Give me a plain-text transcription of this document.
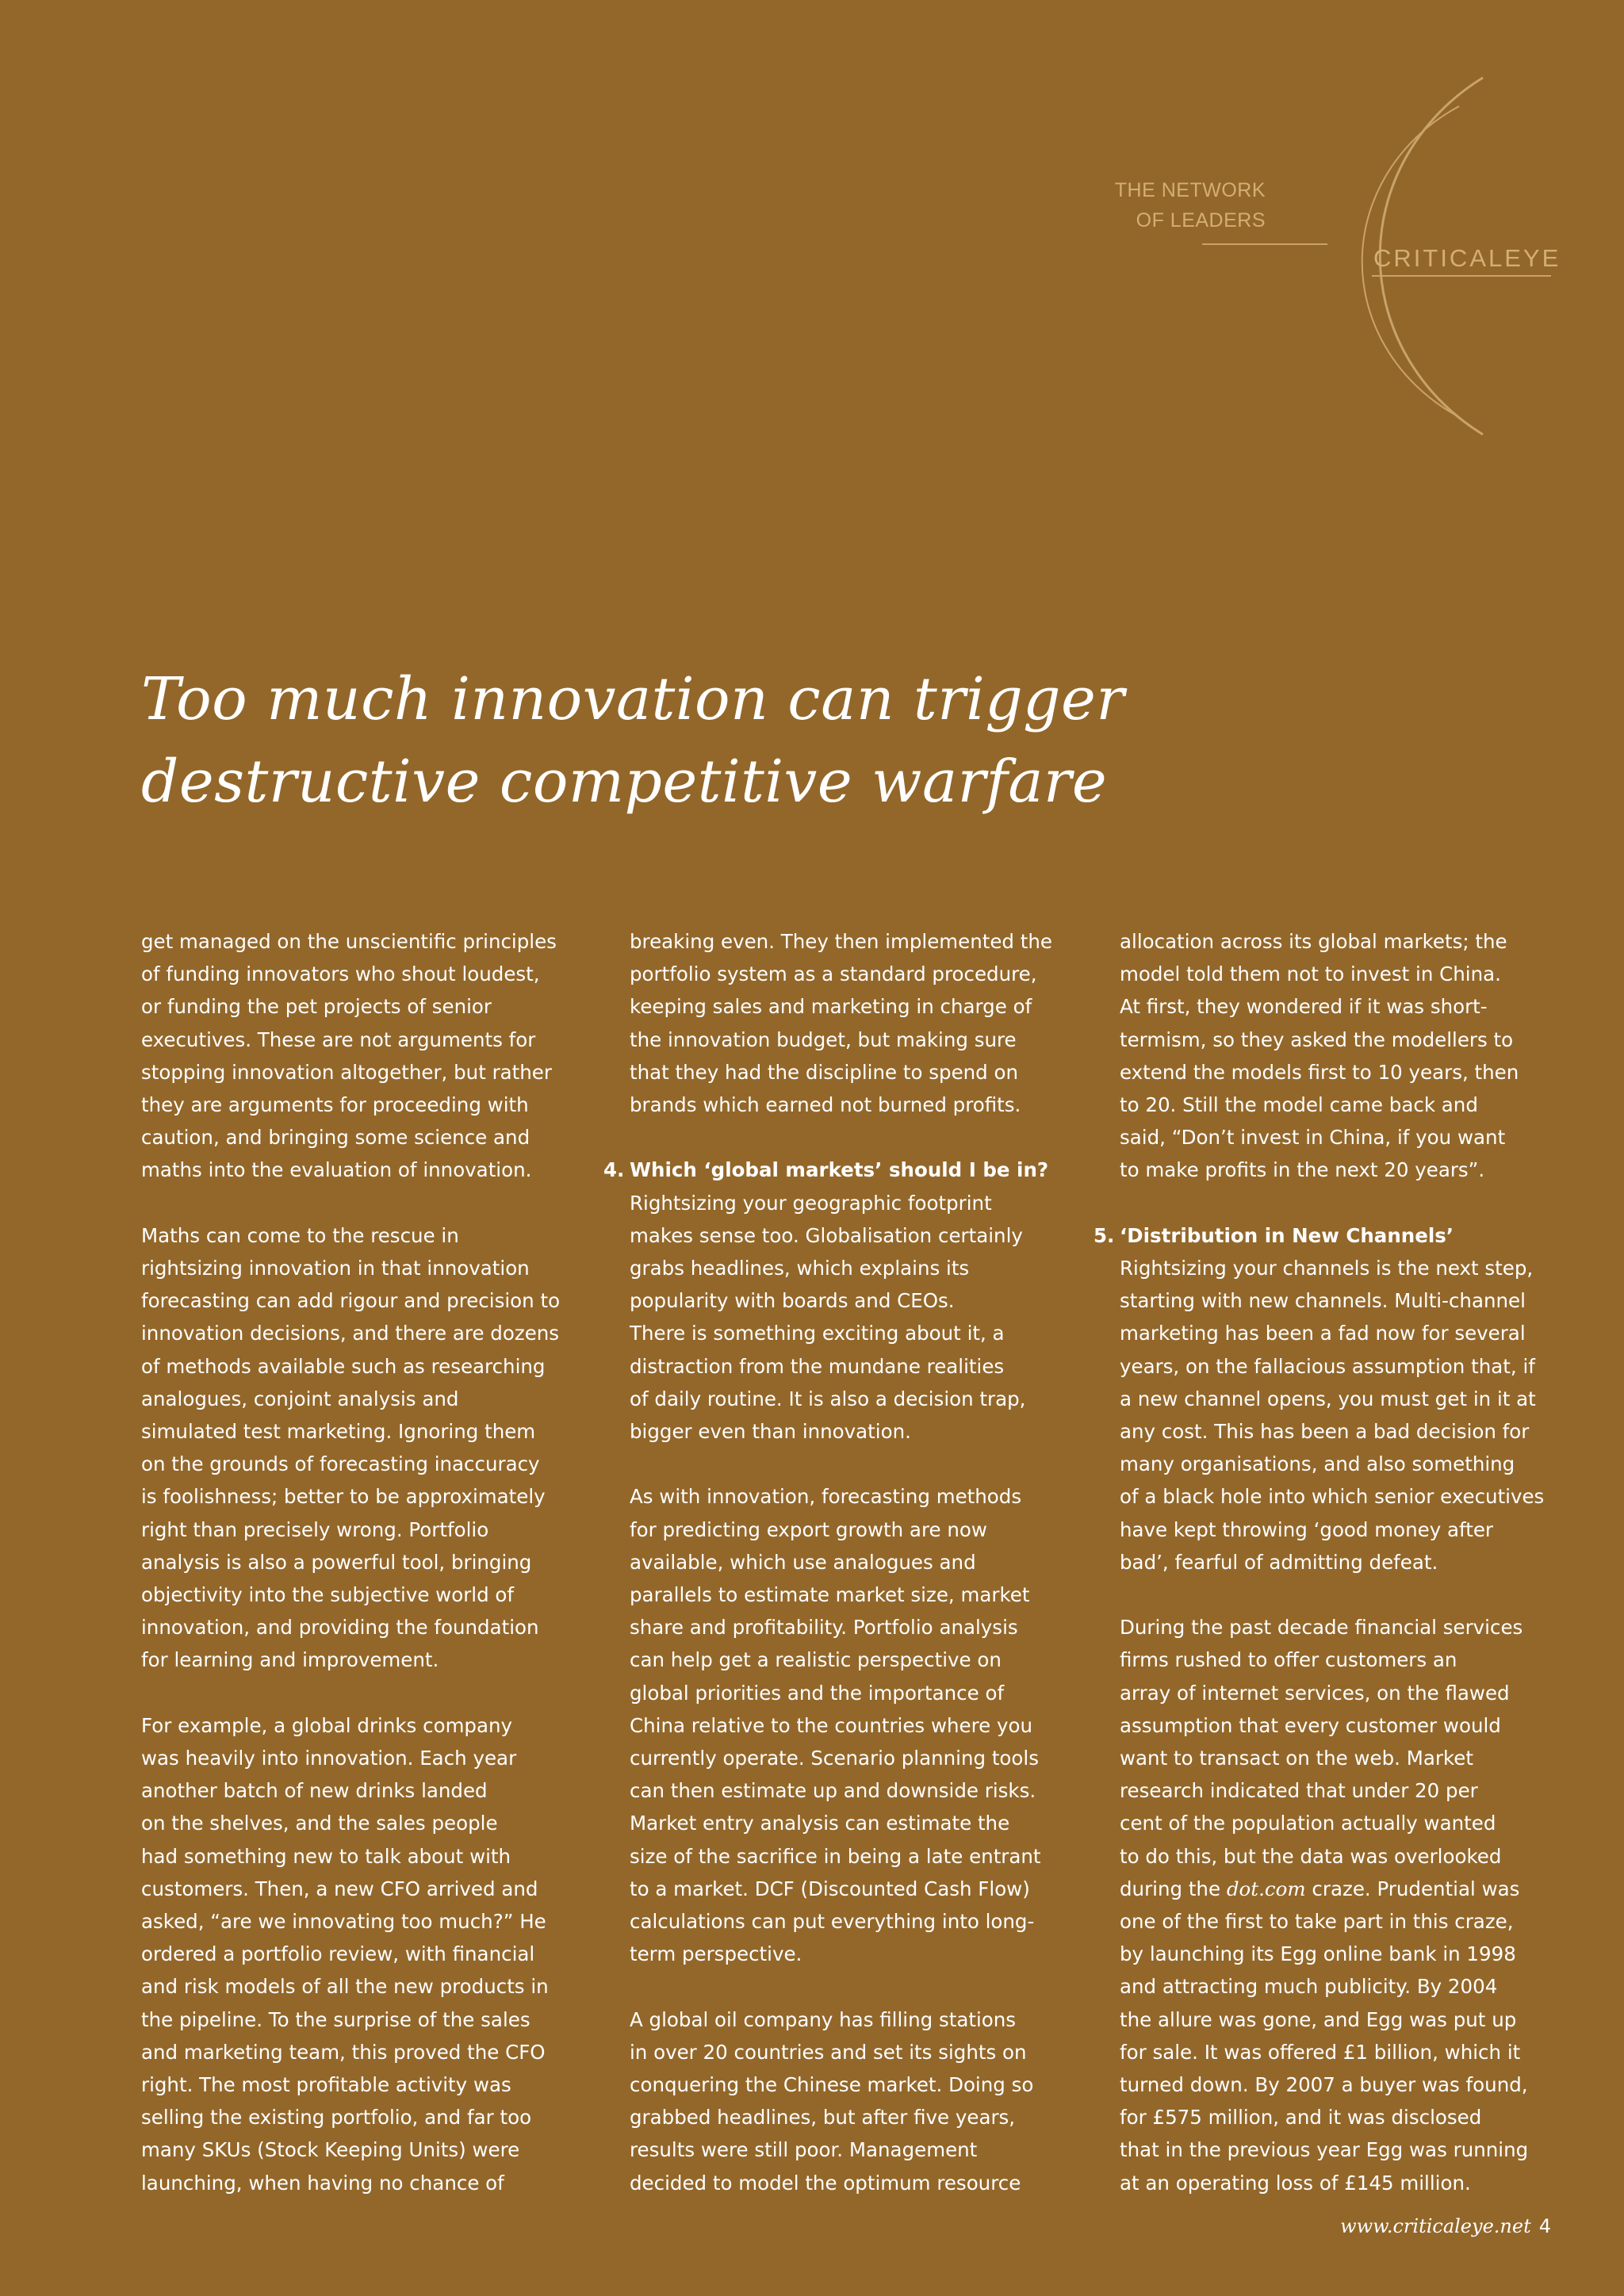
THE NETWORK
OF LEADERS
CRITICALEYE
Too much innovation can trigger
destructive competitive warfare
get managed on the unscientific principles
of funding innovators who shout loudest,
or funding the pet projects of senior
executives. These are not arguments for
stopping innovation altogether, but rather
they are arguments for proceeding with
caution, and bringing some science and
maths into the evaluation of innovation.
Maths can come to the rescue in
rightsizing innovation in that innovation
forecasting can add rigour and precision to
innovation decisions, and there are dozens
of methods available such as researching
analogues, conjoint analysis and
simulated test marketing. Ignoring them
on the grounds of forecasting inaccuracy
is foolishness; better to be approximately
right than precisely wrong. Portfolio
analysis is also a powerful tool, bringing
objectivity into the subjective world of
innovation, and providing the foundation
for learning and improvement.
For example, a global drinks company
was heavily into innovation. Each year
another batch of new drinks landed
on the shelves, and the sales people
had something new to talk about with
customers. Then, a new CFO arrived and
asked, “are we innovating too much?” He
ordered a portfolio review, with financial
and risk models of all the new products in
the pipeline. To the surprise of the sales
and marketing team, this proved the CFO
right. The most profitable activity was
selling the existing portfolio, and far too
many SKUs (Stock Keeping Units) were
launching, when having no chance of
breaking even. They then implemented the
portfolio system as a standard procedure,
keeping sales and marketing in charge of
the innovation budget, but making sure
that they had the discipline to spend on
brands which earned not burned profits.
4. Which ‘global markets’ should I be in?
Rightsizing your geographic footprint
makes sense too. Globalisation certainly
grabs headlines, which explains its
popularity with boards and CEOs.
There is something exciting about it, a
distraction from the mundane realities
of daily routine. It is also a decision trap,
bigger even than innovation.
As with innovation, forecasting methods
for predicting export growth are now
available, which use analogues and
parallels to estimate market size, market
share and profitability. Portfolio analysis
can help get a realistic perspective on
global priorities and the importance of
China relative to the countries where you
currently operate. Scenario planning tools
can then estimate up and downside risks.
Market entry analysis can estimate the
size of the sacrifice in being a late entrant
to a market. DCF (Discounted Cash Flow)
calculations can put everything into long-
term perspective.
A global oil company has filling stations
in over 20 countries and set its sights on
conquering the Chinese market. Doing so
grabbed headlines, but after five years,
results were still poor. Management
decided to model the optimum resource
allocation across its global markets; the
model told them not to invest in China.
At first, they wondered if it was short-
termism, so they asked the modellers to
extend the models first to 10 years, then
to 20. Still the model came back and
said, “Don’t invest in China, if you want
to make profits in the next 20 years”.
5. ‘Distribution in New Channels’
Rightsizing your channels is the next step,
starting with new channels. Multi-channel
marketing has been a fad now for several
years, on the fallacious assumption that, if
a new channel opens, you must get in it at
any cost. This has been a bad decision for
many organisations, and also something
of a black hole into which senior executives
have kept throwing ‘good money after
bad’, fearful of admitting defeat.
During the past decade financial services
firms rushed to offer customers an
array of internet services, on the flawed
assumption that every customer would
want to transact on the web. Market
research indicated that under 20 per
cent of the population actually wanted
to do this, but the data was overlooked
during the dot.com craze. Prudential was
one of the first to take part in this craze,
by launching its Egg online bank in 1998
and attracting much publicity. By 2004
the allure was gone, and Egg was put up
for sale. It was offered £1 billion, which it
turned down. By 2007 a buyer was found,
for £575 million, and it was disclosed
that in the previous year Egg was running
at an operating loss of £145 million.
www.criticaleye.net 4
